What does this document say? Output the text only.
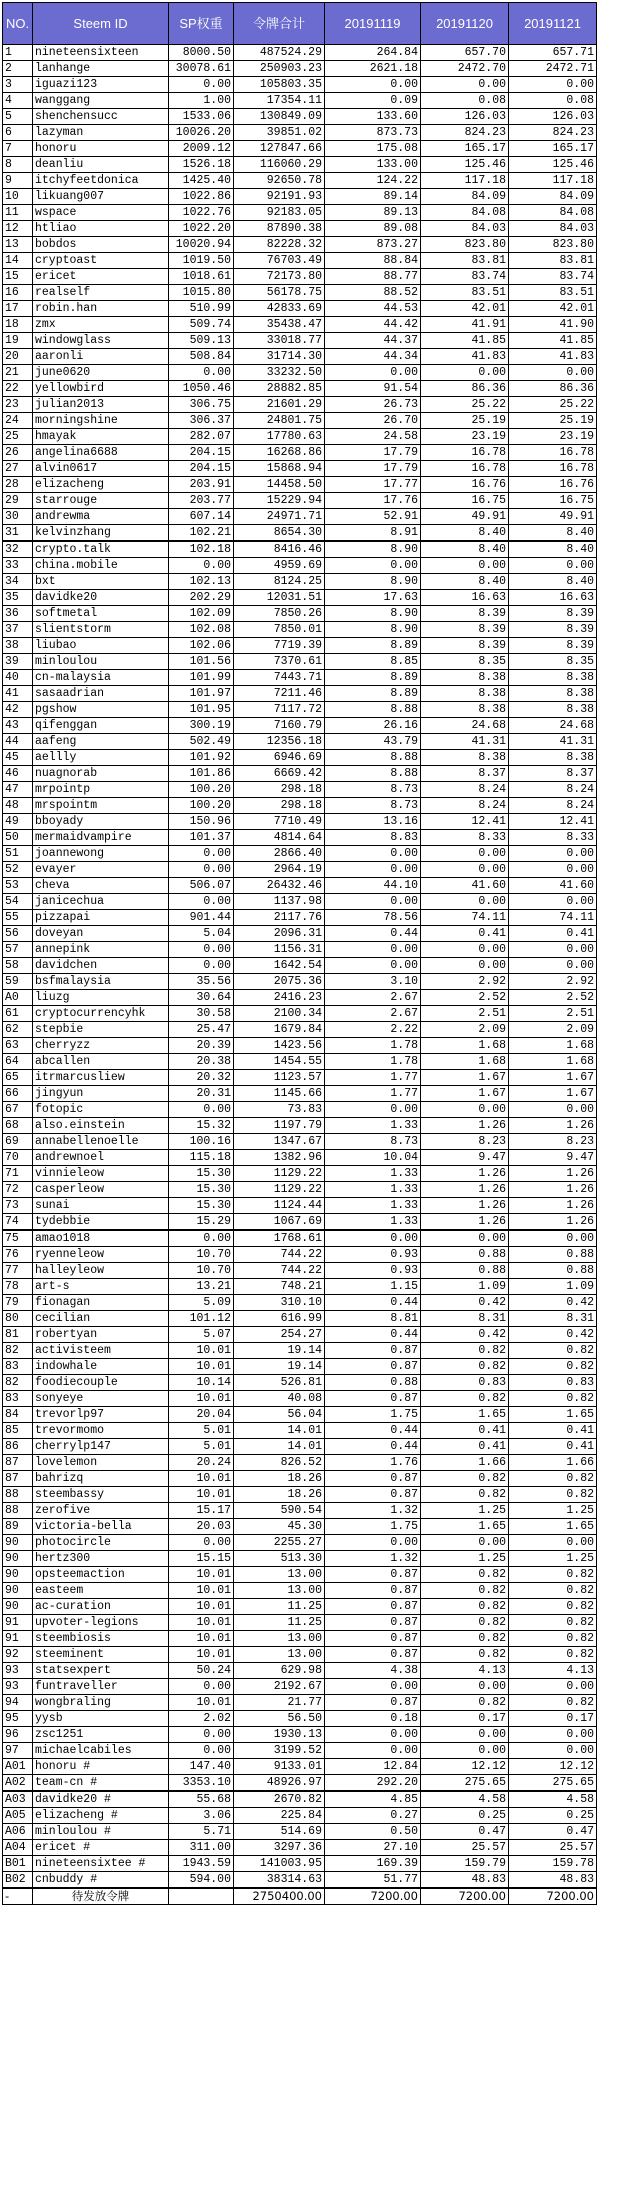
NO.	Steem ID	SP权重	令牌合计	20191119	20191120	20191121
1	nineteensixteen	8000.50	487524.29	264.84	657.70	657.71
2	lanhange	30078.61	250903.23	2621.18	2472.70	2472.71
3	iguazi123	0.00	105803.35	0.00	0.00	0.00
4	wanggang	1.00	17354.11	0.09	0.08	0.08
5	shenchensucc	1533.06	130849.09	133.60	126.03	126.03
6	lazyman	10026.20	39851.02	873.73	824.23	824.23
7	honoru	2009.12	127847.66	175.08	165.17	165.17
8	deanliu	1526.18	116060.29	133.00	125.46	125.46
9	itchyfeetdonica	1425.40	92650.78	124.22	117.18	117.18
10	likuang007	1022.86	92191.93	89.14	84.09	84.09
11	wspace	1022.76	92183.05	89.13	84.08	84.08
12	htliao	1022.20	87890.38	89.08	84.03	84.03
13	bobdos	10020.94	82228.32	873.27	823.80	823.80
14	cryptoast	1019.50	76703.49	88.84	83.81	83.81
15	ericet	1018.61	72173.80	88.77	83.74	83.74
16	realself	1015.80	56178.75	88.52	83.51	83.51
17	robin.han	510.99	42833.69	44.53	42.01	42.01
18	zmx	509.74	35438.47	44.42	41.91	41.90
19	windowglass	509.13	33018.77	44.37	41.85	41.85
20	aaronli	508.84	31714.30	44.34	41.83	41.83
21	june0620	0.00	33232.50	0.00	0.00	0.00
22	yellowbird	1050.46	28882.85	91.54	86.36	86.36
23	julian2013	306.75	21601.29	26.73	25.22	25.22
24	morningshine	306.37	24801.75	26.70	25.19	25.19
25	hmayak	282.07	17780.63	24.58	23.19	23.19
26	angelina6688	204.15	16268.86	17.79	16.78	16.78
27	alvin0617	204.15	15868.94	17.79	16.78	16.78
28	elizacheng	203.91	14458.50	17.77	16.76	16.76
29	starrouge	203.77	15229.94	17.76	16.75	16.75
30	andrewma	607.14	24971.71	52.91	49.91	49.91
31	kelvinzhang	102.21	8654.30	8.91	8.40	8.40
32	crypto.talk	102.18	8416.46	8.90	8.40	8.40
33	china.mobile	0.00	4959.69	0.00	0.00	0.00
34	bxt	102.13	8124.25	8.90	8.40	8.40
35	davidke20	202.29	12031.51	17.63	16.63	16.63
36	softmetal	102.09	7850.26	8.90	8.39	8.39
37	slientstorm	102.08	7850.01	8.90	8.39	8.39
38	liubao	102.06	7719.39	8.89	8.39	8.39
39	minloulou	101.56	7370.61	8.85	8.35	8.35
40	cn-malaysia	101.99	7443.71	8.89	8.38	8.38
41	sasaadrian	101.97	7211.46	8.89	8.38	8.38
42	pgshow	101.95	7117.72	8.88	8.38	8.38
43	qifenggan	300.19	7160.79	26.16	24.68	24.68
44	aafeng	502.49	12356.18	43.79	41.31	41.31
45	aellly	101.92	6946.69	8.88	8.38	8.38
46	nuagnorab	101.86	6669.42	8.88	8.37	8.37
47	mrpointp	100.20	298.18	8.73	8.24	8.24
48	mrspointm	100.20	298.18	8.73	8.24	8.24
49	bboyady	150.96	7710.49	13.16	12.41	12.41
50	mermaidvampire	101.37	4814.64	8.83	8.33	8.33
51	joannewong	0.00	2866.40	0.00	0.00	0.00
52	evayer	0.00	2964.19	0.00	0.00	0.00
53	cheva	506.07	26432.46	44.10	41.60	41.60
54	janicechua	0.00	1137.98	0.00	0.00	0.00
55	pizzapai	901.44	2117.76	78.56	74.11	74.11
56	doveyan	5.04	2096.31	0.44	0.41	0.41
57	annepink	0.00	1156.31	0.00	0.00	0.00
58	davidchen	0.00	1642.54	0.00	0.00	0.00
59	bsfmalaysia	35.56	2075.36	3.10	2.92	2.92
A0	liuzg	30.64	2416.23	2.67	2.52	2.52
61	cryptocurrencyhk	30.58	2100.34	2.67	2.51	2.51
62	stepbie	25.47	1679.84	2.22	2.09	2.09
63	cherryzz	20.39	1423.56	1.78	1.68	1.68
64	abcallen	20.38	1454.55	1.78	1.68	1.68
65	itrmarcusliew	20.32	1123.57	1.77	1.67	1.67
66	jingyun	20.31	1145.66	1.77	1.67	1.67
67	fotopic	0.00	73.83	0.00	0.00	0.00
68	also.einstein	15.32	1197.79	1.33	1.26	1.26
69	annabellenoelle	100.16	1347.67	8.73	8.23	8.23
70	andrewnoel	115.18	1382.96	10.04	9.47	9.47
71	vinnieleow	15.30	1129.22	1.33	1.26	1.26
72	casperleow	15.30	1129.22	1.33	1.26	1.26
73	sunai	15.30	1124.44	1.33	1.26	1.26
74	tydebbie	15.29	1067.69	1.33	1.26	1.26
75	amao1018	0.00	1768.61	0.00	0.00	0.00
76	ryenneleow	10.70	744.22	0.93	0.88	0.88
77	halleyleow	10.70	744.22	0.93	0.88	0.88
78	art-s	13.21	748.21	1.15	1.09	1.09
79	fionagan	5.09	310.10	0.44	0.42	0.42
80	cecilian	101.12	616.99	8.81	8.31	8.31
81	robertyan	5.07	254.27	0.44	0.42	0.42
82	activisteem	10.01	19.14	0.87	0.82	0.82
83	indowhale	10.01	19.14	0.87	0.82	0.82
82	foodiecouple	10.14	526.81	0.88	0.83	0.83
83	sonyeye	10.01	40.08	0.87	0.82	0.82
84	trevorlp97	20.04	56.04	1.75	1.65	1.65
85	trevormomo	5.01	14.01	0.44	0.41	0.41
86	cherrylp147	5.01	14.01	0.44	0.41	0.41
87	lovelemon	20.24	826.52	1.76	1.66	1.66
87	bahrizq	10.01	18.26	0.87	0.82	0.82
88	steembassy	10.01	18.26	0.87	0.82	0.82
88	zerofive	15.17	590.54	1.32	1.25	1.25
89	victoria-bella	20.03	45.30	1.75	1.65	1.65
90	photocircle	0.00	2255.27	0.00	0.00	0.00
90	hertz300	15.15	513.30	1.32	1.25	1.25
90	opsteemaction	10.01	13.00	0.87	0.82	0.82
90	easteem	10.01	13.00	0.87	0.82	0.82
90	ac-curation	10.01	11.25	0.87	0.82	0.82
91	upvoter-legions	10.01	11.25	0.87	0.82	0.82
91	steembiosis	10.01	13.00	0.87	0.82	0.82
92	steeminent	10.01	13.00	0.87	0.82	0.82
93	statsexpert	50.24	629.98	4.38	4.13	4.13
93	funtraveller	0.00	2192.67	0.00	0.00	0.00
94	wongbraling	10.01	21.77	0.87	0.82	0.82
95	yysb	2.02	56.50	0.18	0.17	0.17
96	zsc1251	0.00	1930.13	0.00	0.00	0.00
97	michaelcabiles	0.00	3199.52	0.00	0.00	0.00
A01	honoru #	147.40	9133.01	12.84	12.12	12.12
A02	team-cn #	3353.10	48926.97	292.20	275.65	275.65
A03	davidke20 #	55.68	2670.82	4.85	4.58	4.58
A05	elizacheng #	3.06	225.84	0.27	0.25	0.25
A06	minloulou #	5.71	514.69	0.50	0.47	0.47
A04	ericet #	311.00	3297.36	27.10	25.57	25.57
B01	nineteensixtee #	1943.59	141003.95	169.39	159.79	159.78
B02	cnbuddy #	594.00	38314.63	51.77	48.83	48.83
-	待发放令牌		2750400.00	7200.00	7200.00	7200.00
